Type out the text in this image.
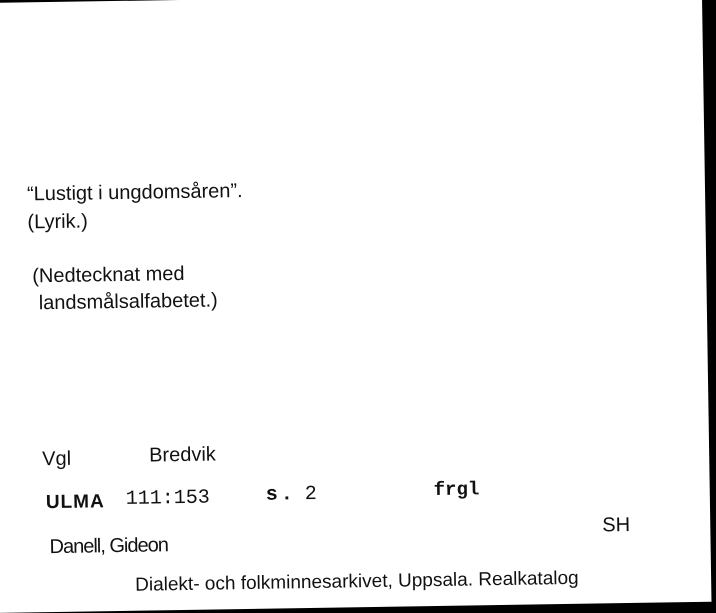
“Lustigt i ungdomsåren”.
(Lyrik.)
(Nedtecknat med
landsmålsalfabetet.)
Vgl	Bredvik
ULMA 111:153	s. 2	frgl
Danell, Gideon
SH
Dialekt- och folkminnesarkivet, Uppsala. Realkatalog
